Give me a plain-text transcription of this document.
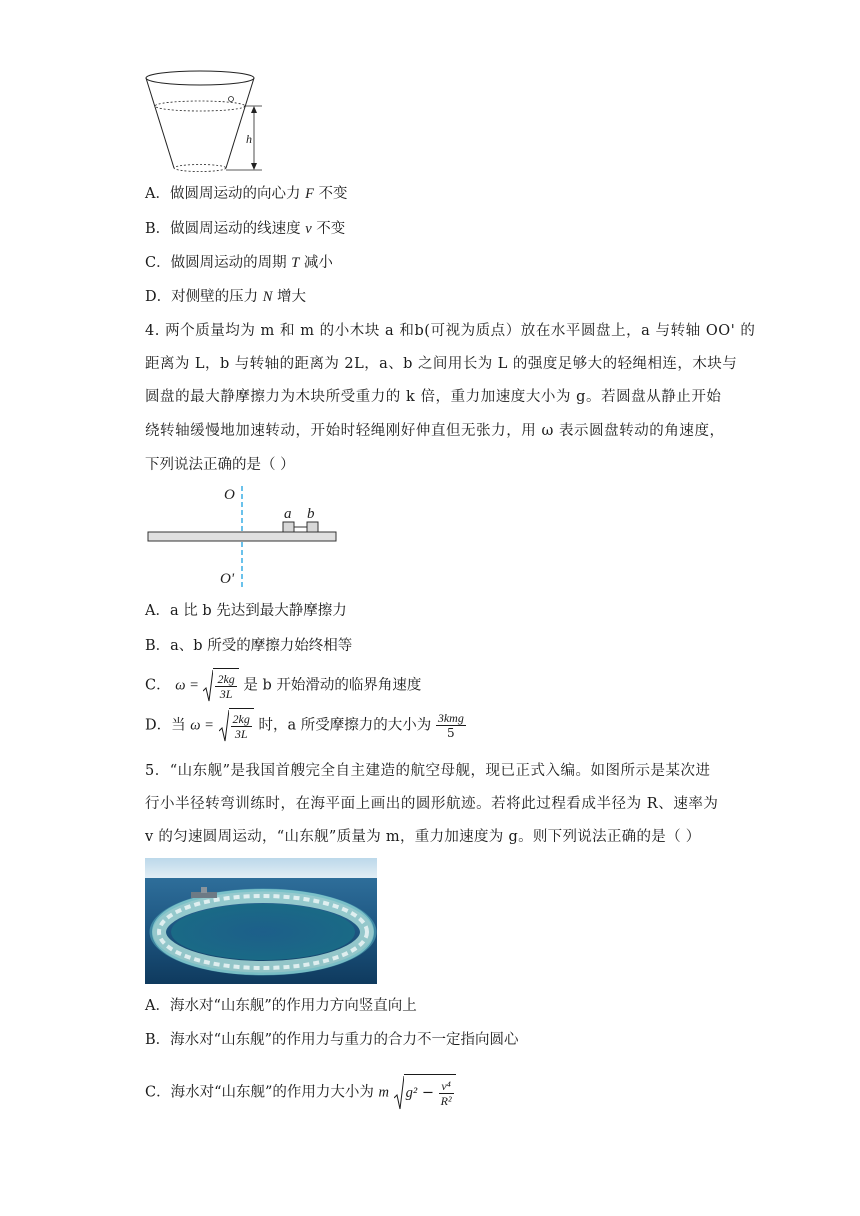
h
A．做圆周运动的向心力 F 不变
B．做圆周运动的线速度 v 不变
C．做圆周运动的周期 T 减小
D．对侧壁的压力 N 增大
4. 两个质量均为 m 和 m 的小木块 a 和b(可视为质点）放在水平圆盘上，a 与转轴 OO' 的
距离为 L，b 与转轴的距离为 2L，a、b 之间用长为 L 的强度足够大的轻绳相连，木块与
圆盘的最大静摩擦力为木块所受重力的 k 倍，重力加速度大小为 g。若圆盘从静止开始
绕转轴缓慢地加速转动，开始时轻绳刚好伸直但无张力，用 ω 表示圆盘转动的角速度，
下列说法正确的是（ ）
O
a b
O'
A．a 比 b 先达到最大静摩擦力
B．a、b 所受的摩擦力始终相等
C． $\omega = \frac{2kg}{3L}$ 是 b 开始滑动的临界角速度
D．当 $\omega = \frac{2kg}{3L}$ 时，a 所受摩擦力的大小为 $\frac{\text{3kmg}}{5}$
5．“山东舰”是我国首艘完全自主建造的航空母舰，现已正式入编。如图所示是某次进
行小半径转弯训练时，在海平面上画出的圆形航迹。若将此过程看成半径为 R、速率为
v 的匀速圆周运动，“山东舰”质量为 m，重力加速度为 g。则下列说法正确的是（ ）
A．海水对“山东舰”的作用力方向竖直向上
B．海水对“山东舰”的作用力与重力的合力不一定指向圆心
C．海水对“山东舰”的作用力大小为 m $g^2 - \frac{\text{v⁴}}{\text{R²}}$
